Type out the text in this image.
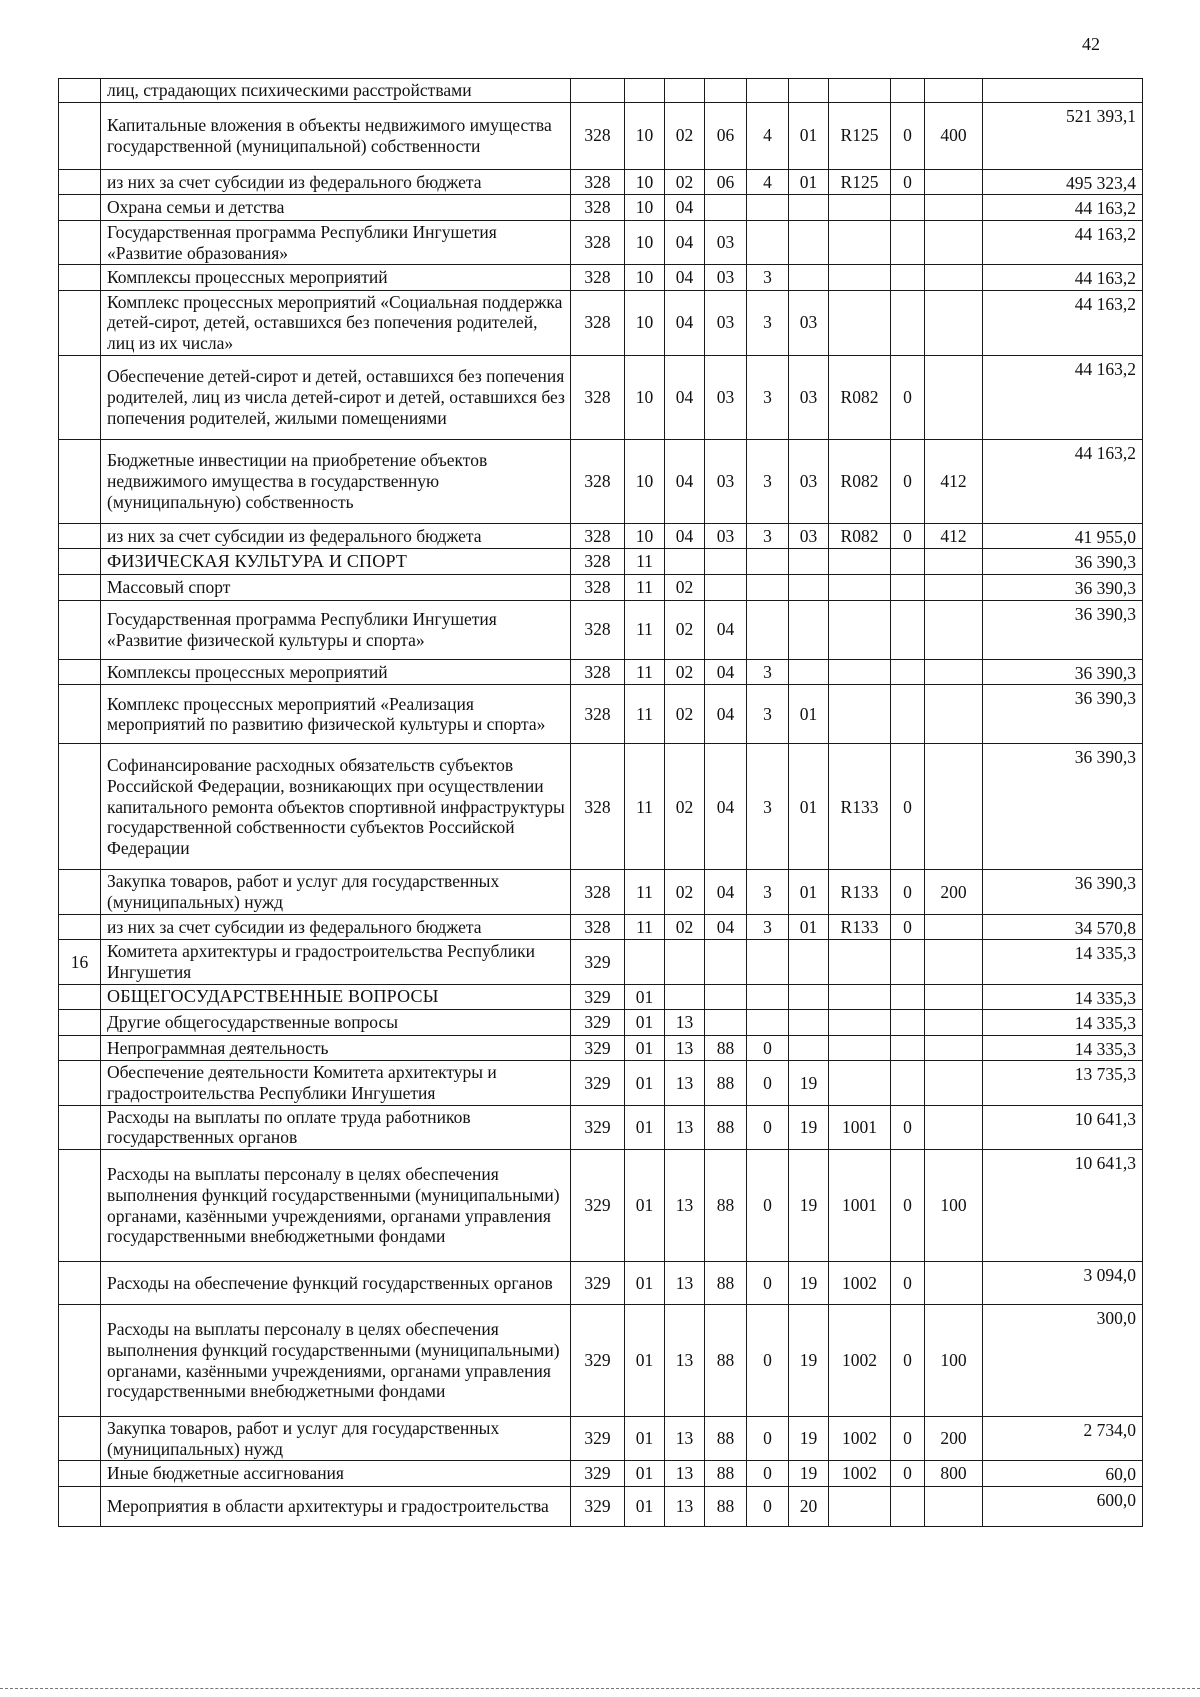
42
	лиц, страдающих психическими расстройствами										
	Капитальные вложения в объекты недвижимого имущества государственной (муниципальной) собственности	328	10	02	06	4	01	R125	0	400	521 393,1
	из них за счет субсидии из федерального бюджета	328	10	02	06	4	01	R125	0		495 323,4
	Охрана семьи и детства	328	10	04							44 163,2
	Государственная программа Республики Ингушетия «Развитие образования»	328	10	04	03						44 163,2
	Комплексы процессных мероприятий	328	10	04	03	3					44 163,2
	Комплекс процессных мероприятий «Социальная поддержка детей-сирот, детей, оставшихся без попечения родителей, лиц из их числа»	328	10	04	03	3	03				44 163,2
	Обеспечение детей-сирот и детей, оставшихся без попечения родителей, лиц из числа детей-сирот и детей, оставшихся без попечения родителей, жилыми помещениями	328	10	04	03	3	03	R082	0		44 163,2
	Бюджетные инвестиции на приобретение объектов недвижимого имущества в государственную (муниципальную) собственность	328	10	04	03	3	03	R082	0	412	44 163,2
	из них за счет субсидии из федерального бюджета	328	10	04	03	3	03	R082	0	412	41 955,0
	ФИЗИЧЕСКАЯ КУЛЬТУРА И СПОРТ	328	11								36 390,3
	Массовый спорт	328	11	02							36 390,3
	Государственная программа Республики Ингушетия «Развитие физической культуры и спорта»	328	11	02	04						36 390,3
	Комплексы процессных мероприятий	328	11	02	04	3					36 390,3
	Комплекс процессных мероприятий «Реализация мероприятий по развитию физической культуры и спорта»	328	11	02	04	3	01				36 390,3
	Софинансирование расходных обязательств субъектов Российской Федерации, возникающих при осуществлении капитального ремонта объектов спортивной инфраструктуры государственной собственности субъектов Российской Федерации	328	11	02	04	3	01	R133	0		36 390,3
	Закупка товаров, работ и услуг для государственных (муниципальных) нужд	328	11	02	04	3	01	R133	0	200	36 390,3
	из них за счет субсидии из федерального бюджета	328	11	02	04	3	01	R133	0		34 570,8
16	Комитета архитектуры и градостроительства Республики Ингушетия	329									14 335,3
	ОБЩЕГОСУДАРСТВЕННЫЕ ВОПРОСЫ	329	01								14 335,3
	Другие общегосударственные вопросы	329	01	13							14 335,3
	Непрограммная деятельность	329	01	13	88	0					14 335,3
	Обеспечение деятельности Комитета архитектуры и градостроительства Республики Ингушетия	329	01	13	88	0	19				13 735,3
	Расходы на выплаты по оплате труда работников государственных органов	329	01	13	88	0	19	1001	0		10 641,3
	Расходы на выплаты персоналу в целях обеспечения выполнения функций государственными (муниципальными) органами, казёнными учреждениями, органами управления государственными внебюджетными фондами	329	01	13	88	0	19	1001	0	100	10 641,3
	Расходы на обеспечение функций государственных органов	329	01	13	88	0	19	1002	0		3 094,0
	Расходы на выплаты персоналу в целях обеспечения выполнения функций государственными (муниципальными) органами, казёнными учреждениями, органами управления государственными внебюджетными фондами	329	01	13	88	0	19	1002	0	100	300,0
	Закупка товаров, работ и услуг для государственных (муниципальных) нужд	329	01	13	88	0	19	1002	0	200	2 734,0
	Иные бюджетные ассигнования	329	01	13	88	0	19	1002	0	800	60,0
	Мероприятия в области архитектуры и градостроительства	329	01	13	88	0	20				600,0
